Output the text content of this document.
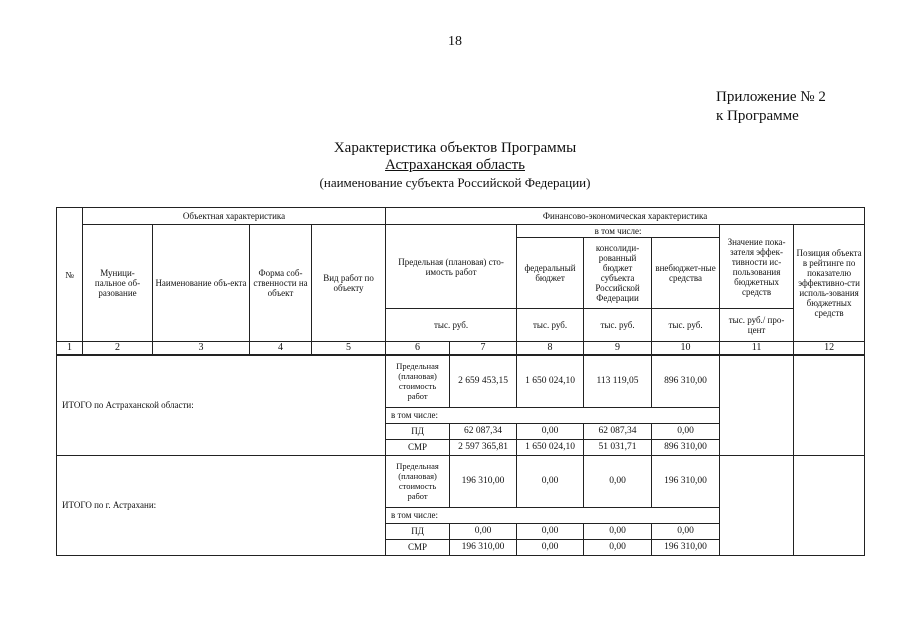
18
Приложение № 2
к Программе
Характеристика объектов Программы
Астраханская область
(наименование субъекта Российской Федерации)
№	Объектная характеристика				Финансово-экономическая характеристика						
	Муници-пальное об-разование	Наименование объ-екта	Форма соб-ственности на объект	Вид работ по объекту	Предельная (плановая) сто-имость работ		в том числе:			Значение пока-зателя эффек-тивности ис-пользования бюджетных средств	Позиция объекта в рейтинге по показателю эффективно-сти исполь-зования бюджетных средств
							федеральный бюджет	консолиди-рованный бюджет субъекта Российской Федерации	внебюджет-ные средства		
					тыс. руб.		тыс. руб.	тыс. руб.	тыс. руб.	тыс. руб./ про-цент	
1	2	3	4	5	6	7	8	9	10	11	12
ИТОГО по Астраханской области:					Предельная (плановая) стоимость работ	2 659 453,15	1 650 024,10	113 119,05	896 310,00		
					в том числе:						
					ПД	62 087,34	0,00	62 087,34	0,00		
					СМР	2 597 365,81	1 650 024,10	51 031,71	896 310,00		
ИТОГО по г. Астрахани:					Предельная (плановая) стоимость работ	196 310,00	0,00	0,00	196 310,00		
					в том числе:						
					ПД	0,00	0,00	0,00	0,00		
					СМР	196 310,00	0,00	0,00	196 310,00		
